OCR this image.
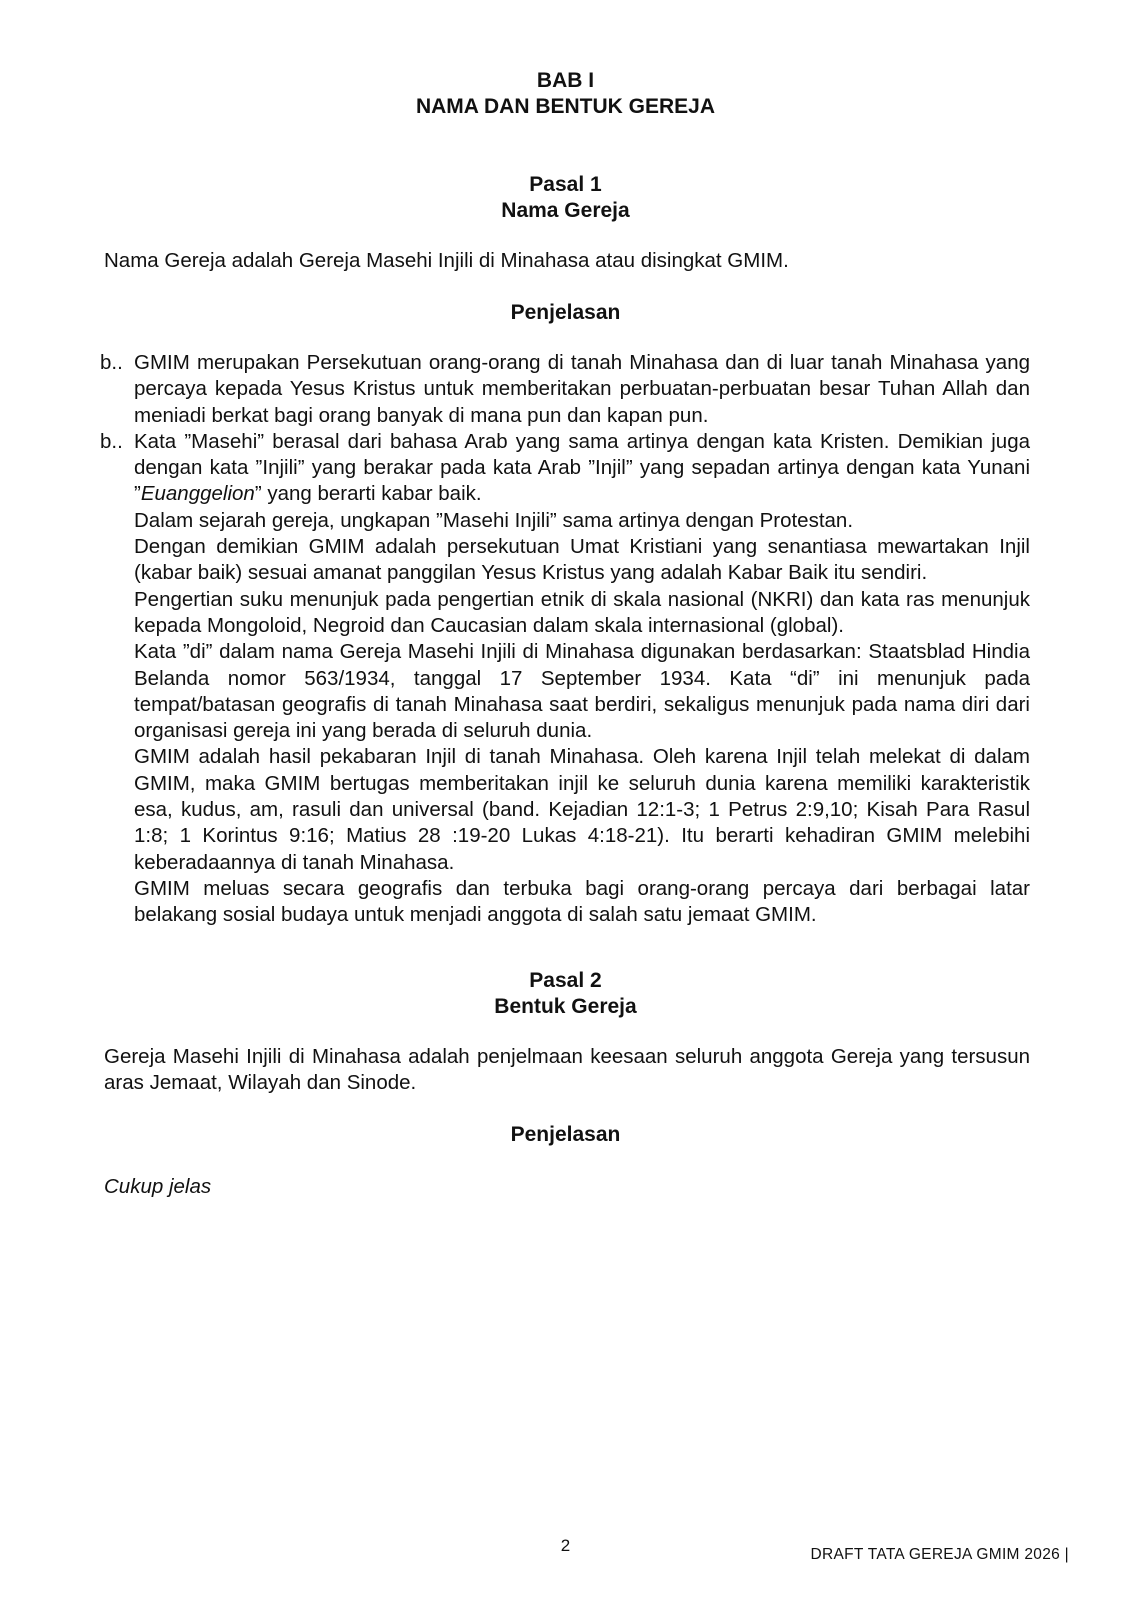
BAB I

NAMA DAN BENTUK GEREJA

Pasal 1

Nama Gereja

Nama Gereja adalah Gereja Masehi Injili di Minahasa atau disingkat GMIM.

Penjelasan

b.. GMIM merupakan Persekutuan orang-orang di tanah Minahasa dan di luar tanah Minahasa yang percaya kepada Yesus Kristus untuk memberitakan perbuatan-perbuatan besar Tuhan Allah dan meniadi berkat bagi orang banyak di mana pun dan kapan pun.

b.. Kata ”Masehi” berasal dari bahasa Arab yang sama artinya dengan kata Kristen. Demikian juga dengan kata ”Injili” yang berakar pada kata Arab ”Injil” yang sepadan artinya dengan kata Yunani ”Euanggelion” yang berarti kabar baik.

Dalam sejarah gereja, ungkapan ”Masehi Injili” sama artinya dengan Protestan.

Dengan demikian GMIM adalah persekutuan Umat Kristiani yang senantiasa mewartakan Injil (kabar baik) sesuai amanat panggilan Yesus Kristus yang adalah Kabar Baik itu sendiri.

Pengertian suku menunjuk pada pengertian etnik di skala nasional (NKRI) dan kata ras menunjuk kepada Mongoloid, Negroid dan Caucasian dalam skala internasional (global).

Kata ”di” dalam nama Gereja Masehi Injili di Minahasa digunakan berdasarkan: Staatsblad Hindia Belanda nomor 563/1934, tanggal 17 September 1934. Kata “di” ini menunjuk pada tempat/batasan geografis di tanah Minahasa saat berdiri, sekaligus menunjuk pada nama diri dari organisasi gereja ini yang berada di seluruh dunia.

GMIM adalah hasil pekabaran Injil di tanah Minahasa. Oleh karena Injil telah melekat di dalam GMIM, maka GMIM bertugas memberitakan injil ke seluruh dunia karena memiliki karakteristik esa, kudus, am, rasuli dan universal (band. Kejadian 12:1-3; 1 Petrus 2:9,10; Kisah Para Rasul 1:8; 1 Korintus 9:16; Matius 28 :19-20 Lukas 4:18-21). Itu berarti kehadiran GMIM melebihi keberadaannya di tanah Minahasa.

GMIM meluas secara geografis dan terbuka bagi orang-orang percaya dari berbagai latar belakang sosial budaya untuk menjadi anggota di salah satu jemaat GMIM.

Pasal 2

Bentuk Gereja

Gereja Masehi Injili di Minahasa adalah penjelmaan keesaan seluruh anggota Gereja yang tersusun aras Jemaat, Wilayah dan Sinode.

Penjelasan

Cukup jelas

2	DRAFT TATA GEREJA GMIM 2026 |
